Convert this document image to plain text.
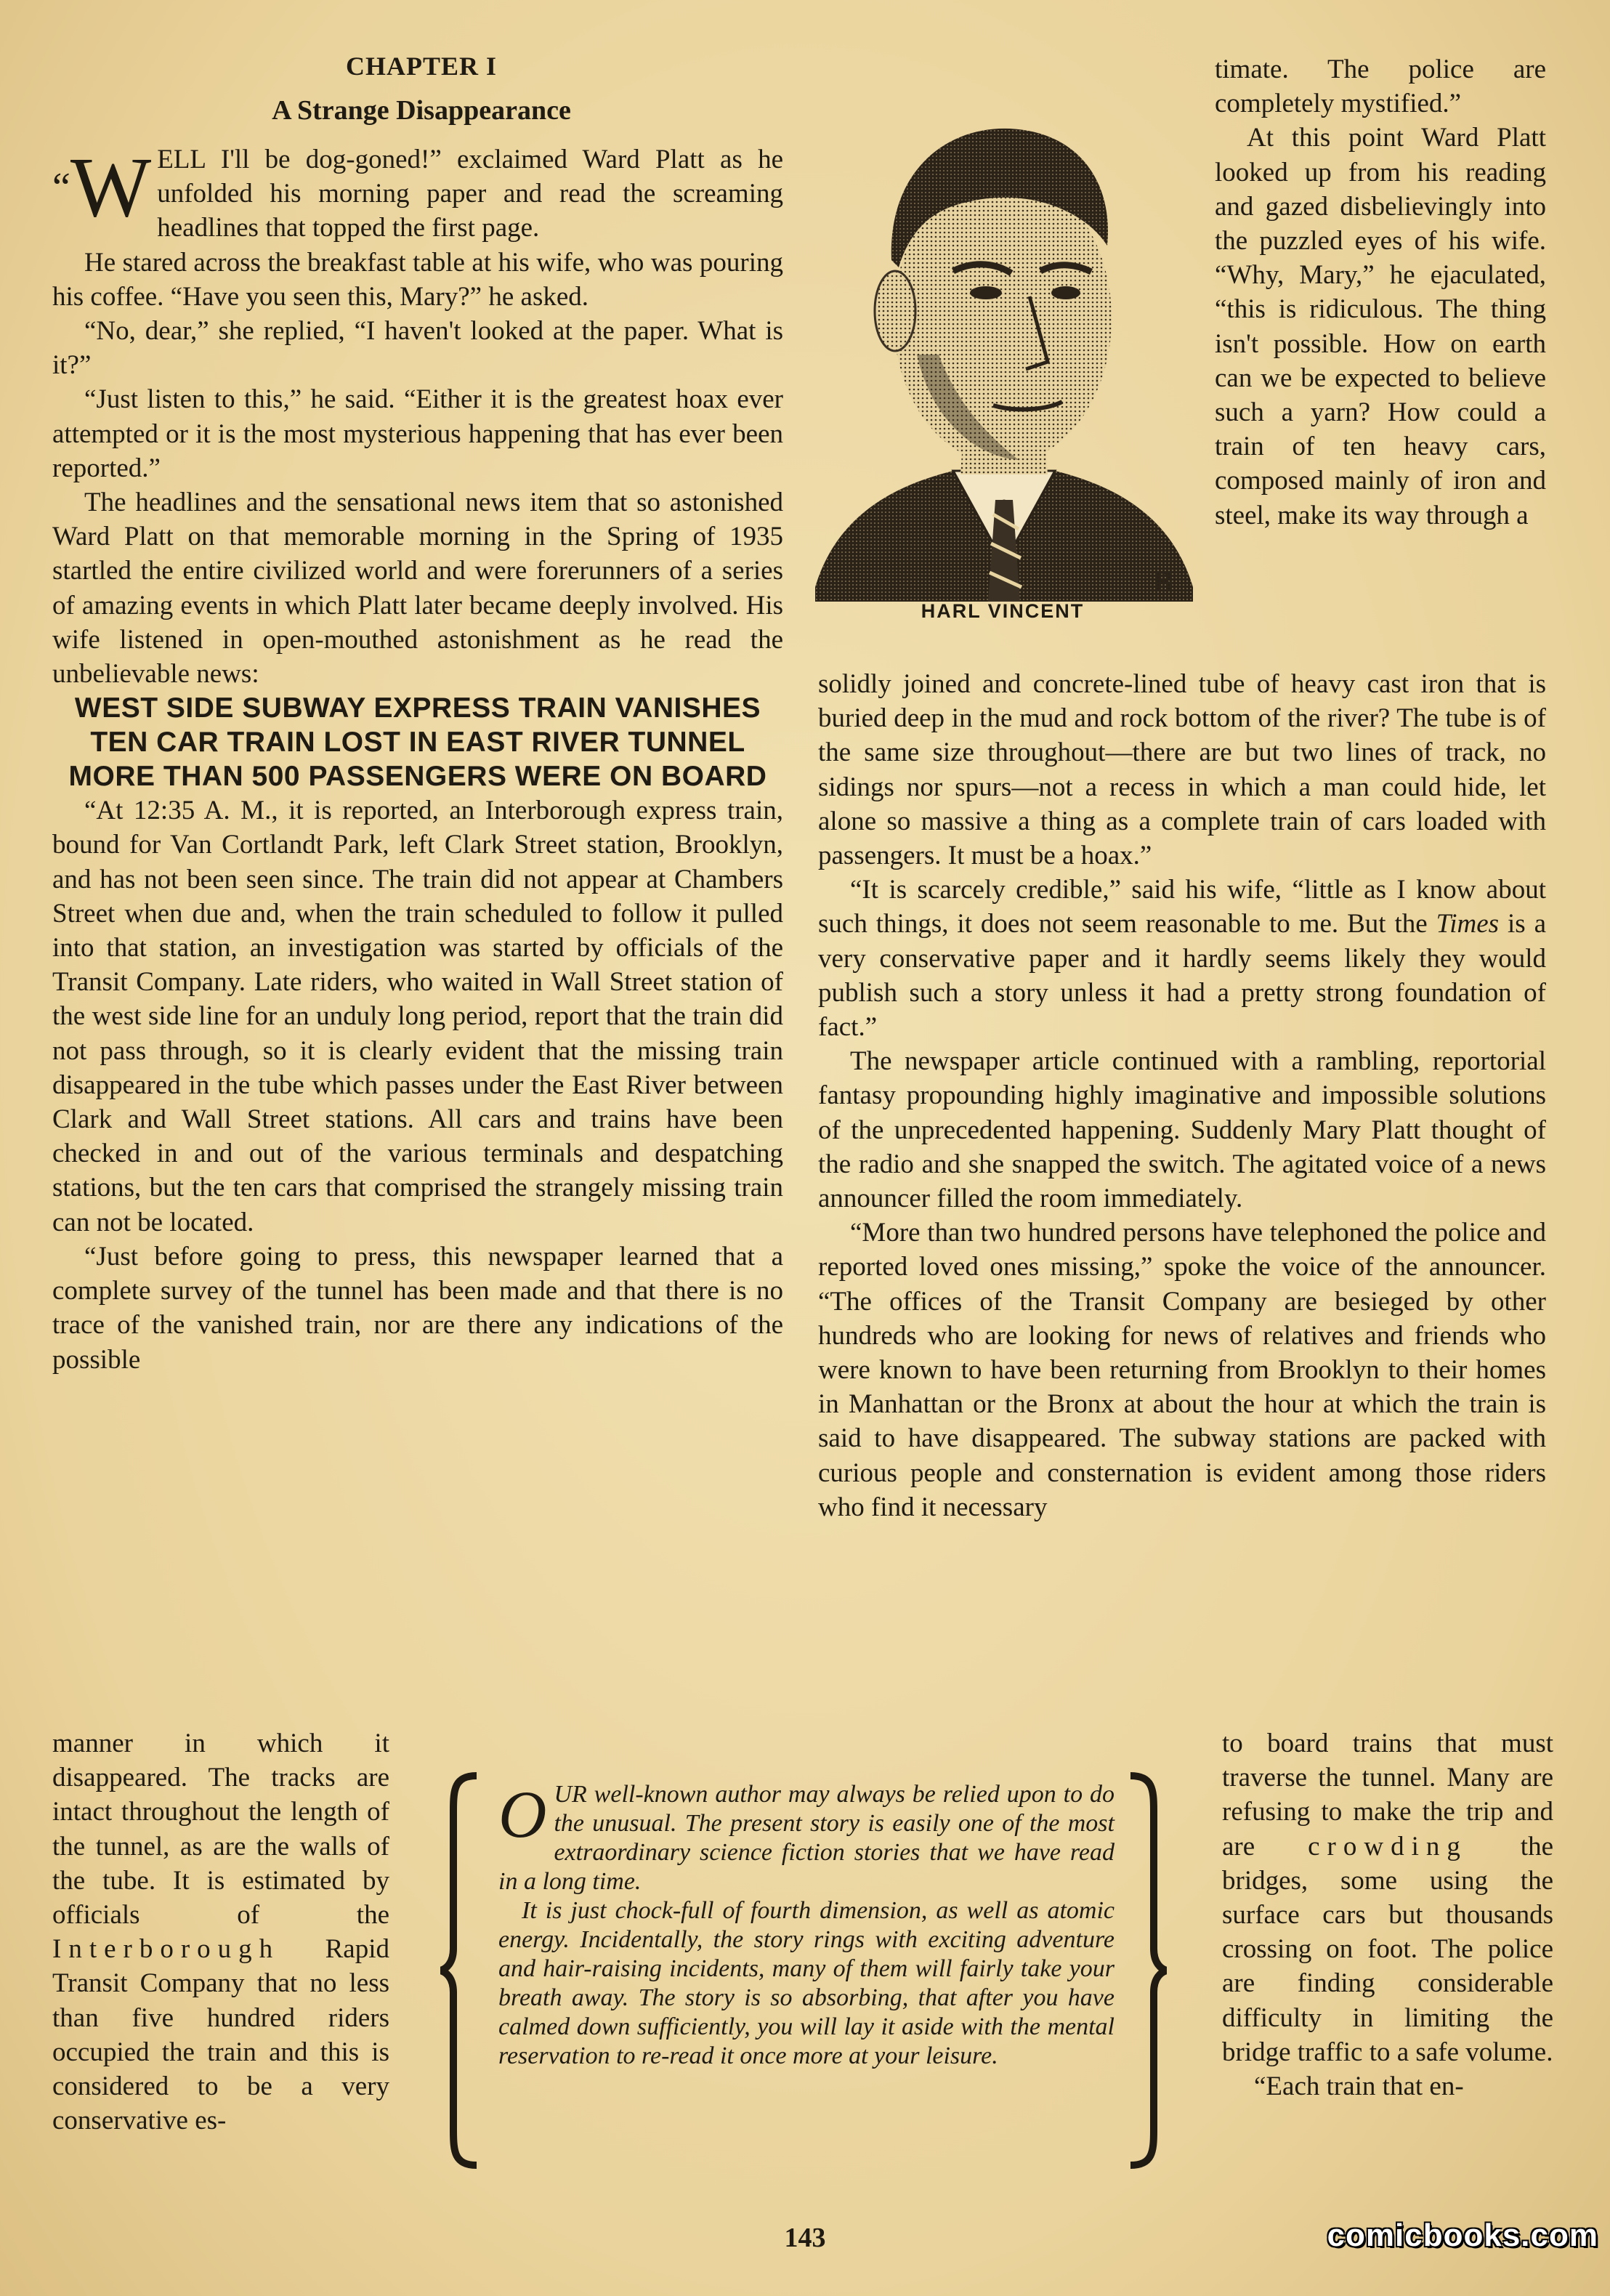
CHAPTER I
A Strange Disappearance

“W ELL I'll be dog-goned!” exclaimed Ward Platt as he unfolded his morning paper and read the screaming headlines that topped the first page.

He stared across the breakfast table at his wife, who was pouring his coffee. “Have you seen this, Mary?” he asked.

“No, dear,” she replied, “I haven't looked at the paper. What is it?”

“Just listen to this,” he said. “Either it is the greatest hoax ever attempted or it is the most mysterious happening that has ever been reported.”

The headlines and the sensational news item that so astonished Ward Platt on that memorable morning in the Spring of 1935 startled the entire civilized world and were forerunners of a series of amazing events in which Platt later became deeply involved. His wife listened in open-mouthed astonishment as he read the unbelievable news:

WEST SIDE SUBWAY EXPRESS TRAIN VANISHES
TEN CAR TRAIN LOST IN EAST RIVER TUNNEL
MORE THAN 500 PASSENGERS WERE ON BOARD

“At 12:35 A. M., it is reported, an Interborough express train, bound for Van Cortlandt Park, left Clark Street station, Brooklyn, and has not been seen since. The train did not appear at Chambers Street when due and, when the train scheduled to follow it pulled into that station, an investigation was started by officials of the Transit Company. Late riders, who waited in Wall Street station of the west side line for an unduly long period, report that the train did not pass through, so it is clearly evident that the missing train disappeared in the tube which passes under the East River between Clark and Wall Street stations. All cars and trains have been checked in and out of the various terminals and despatching stations, but the ten cars that comprised the strangely missing train can not be located.

“Just before going to press, this newspaper learned that a complete survey of the tunnel has been made and that there is no trace of the vanished train, nor are there any indications of the possible

manner in which it disappeared. The tracks are intact throughout the length of the tunnel, as are the walls of the tube. It is estimated by officials of the Interborough Rapid Transit Company that no less than five hundred riders occupied the train and this is considered to be a very conservative es-

B
HARL VINCENT

timate. The police are completely mystified.”

At this point Ward Platt looked up from his reading and gazed disbelievingly into the puzzled eyes of his wife. “Why, Mary,” he ejaculated, “this is ridiculous. The thing isn't possible. How on earth can we be expected to believe such a yarn? How could a train of ten heavy cars, composed mainly of iron and steel, make its way through a

solidly joined and concrete-lined tube of heavy cast iron that is buried deep in the mud and rock bottom of the river? The tube is of the same size throughout—there are but two lines of track, no sidings nor spurs—not a recess in which a man could hide, let alone so massive a thing as a complete train of cars loaded with passengers. It must be a hoax.”

“It is scarcely credible,” said his wife, “little as I know about such things, it does not seem reasonable to me. But the Times is a very conservative paper and it hardly seems likely they would publish such a story unless it had a pretty strong foundation of fact.”

The newspaper article continued with a rambling, reportorial fantasy propounding highly imaginative and impossible solutions of the unprecedented happening. Suddenly Mary Platt thought of the radio and she snapped the switch. The agitated voice of a news announcer filled the room immediately.

“More than two hundred persons have telephoned the police and reported loved ones missing,” spoke the voice of the announcer. “The offices of the Transit Company are besieged by other hundreds who are looking for news of relatives and friends who were known to have been returning from Brooklyn to their homes in Manhattan or the Bronx at about the hour at which the train is said to have disappeared. The subway stations are packed with curious people and consternation is evident among those riders who find it necessary

to board trains that must traverse the tunnel. Many are refusing to make the trip and are crowding the bridges, some using the surface cars but thousands crossing on foot. The police are finding considerable difficulty in limiting the bridge traffic to a safe volume.

“Each train that en-

OUR well-known author may always be relied upon to do the unusual. The present story is easily one of the most extraordinary science fiction stories that we have read in a long time.

It is just chock-full of fourth dimension, as well as atomic energy. Incidentally, the story rings with exciting adventure and hair-raising incidents, many of them will fairly take your breath away. The story is so absorbing, that after you have calmed down sufficiently, you will lay it aside with the mental reservation to re-read it once more at your leisure.

143	comicbooks.com
